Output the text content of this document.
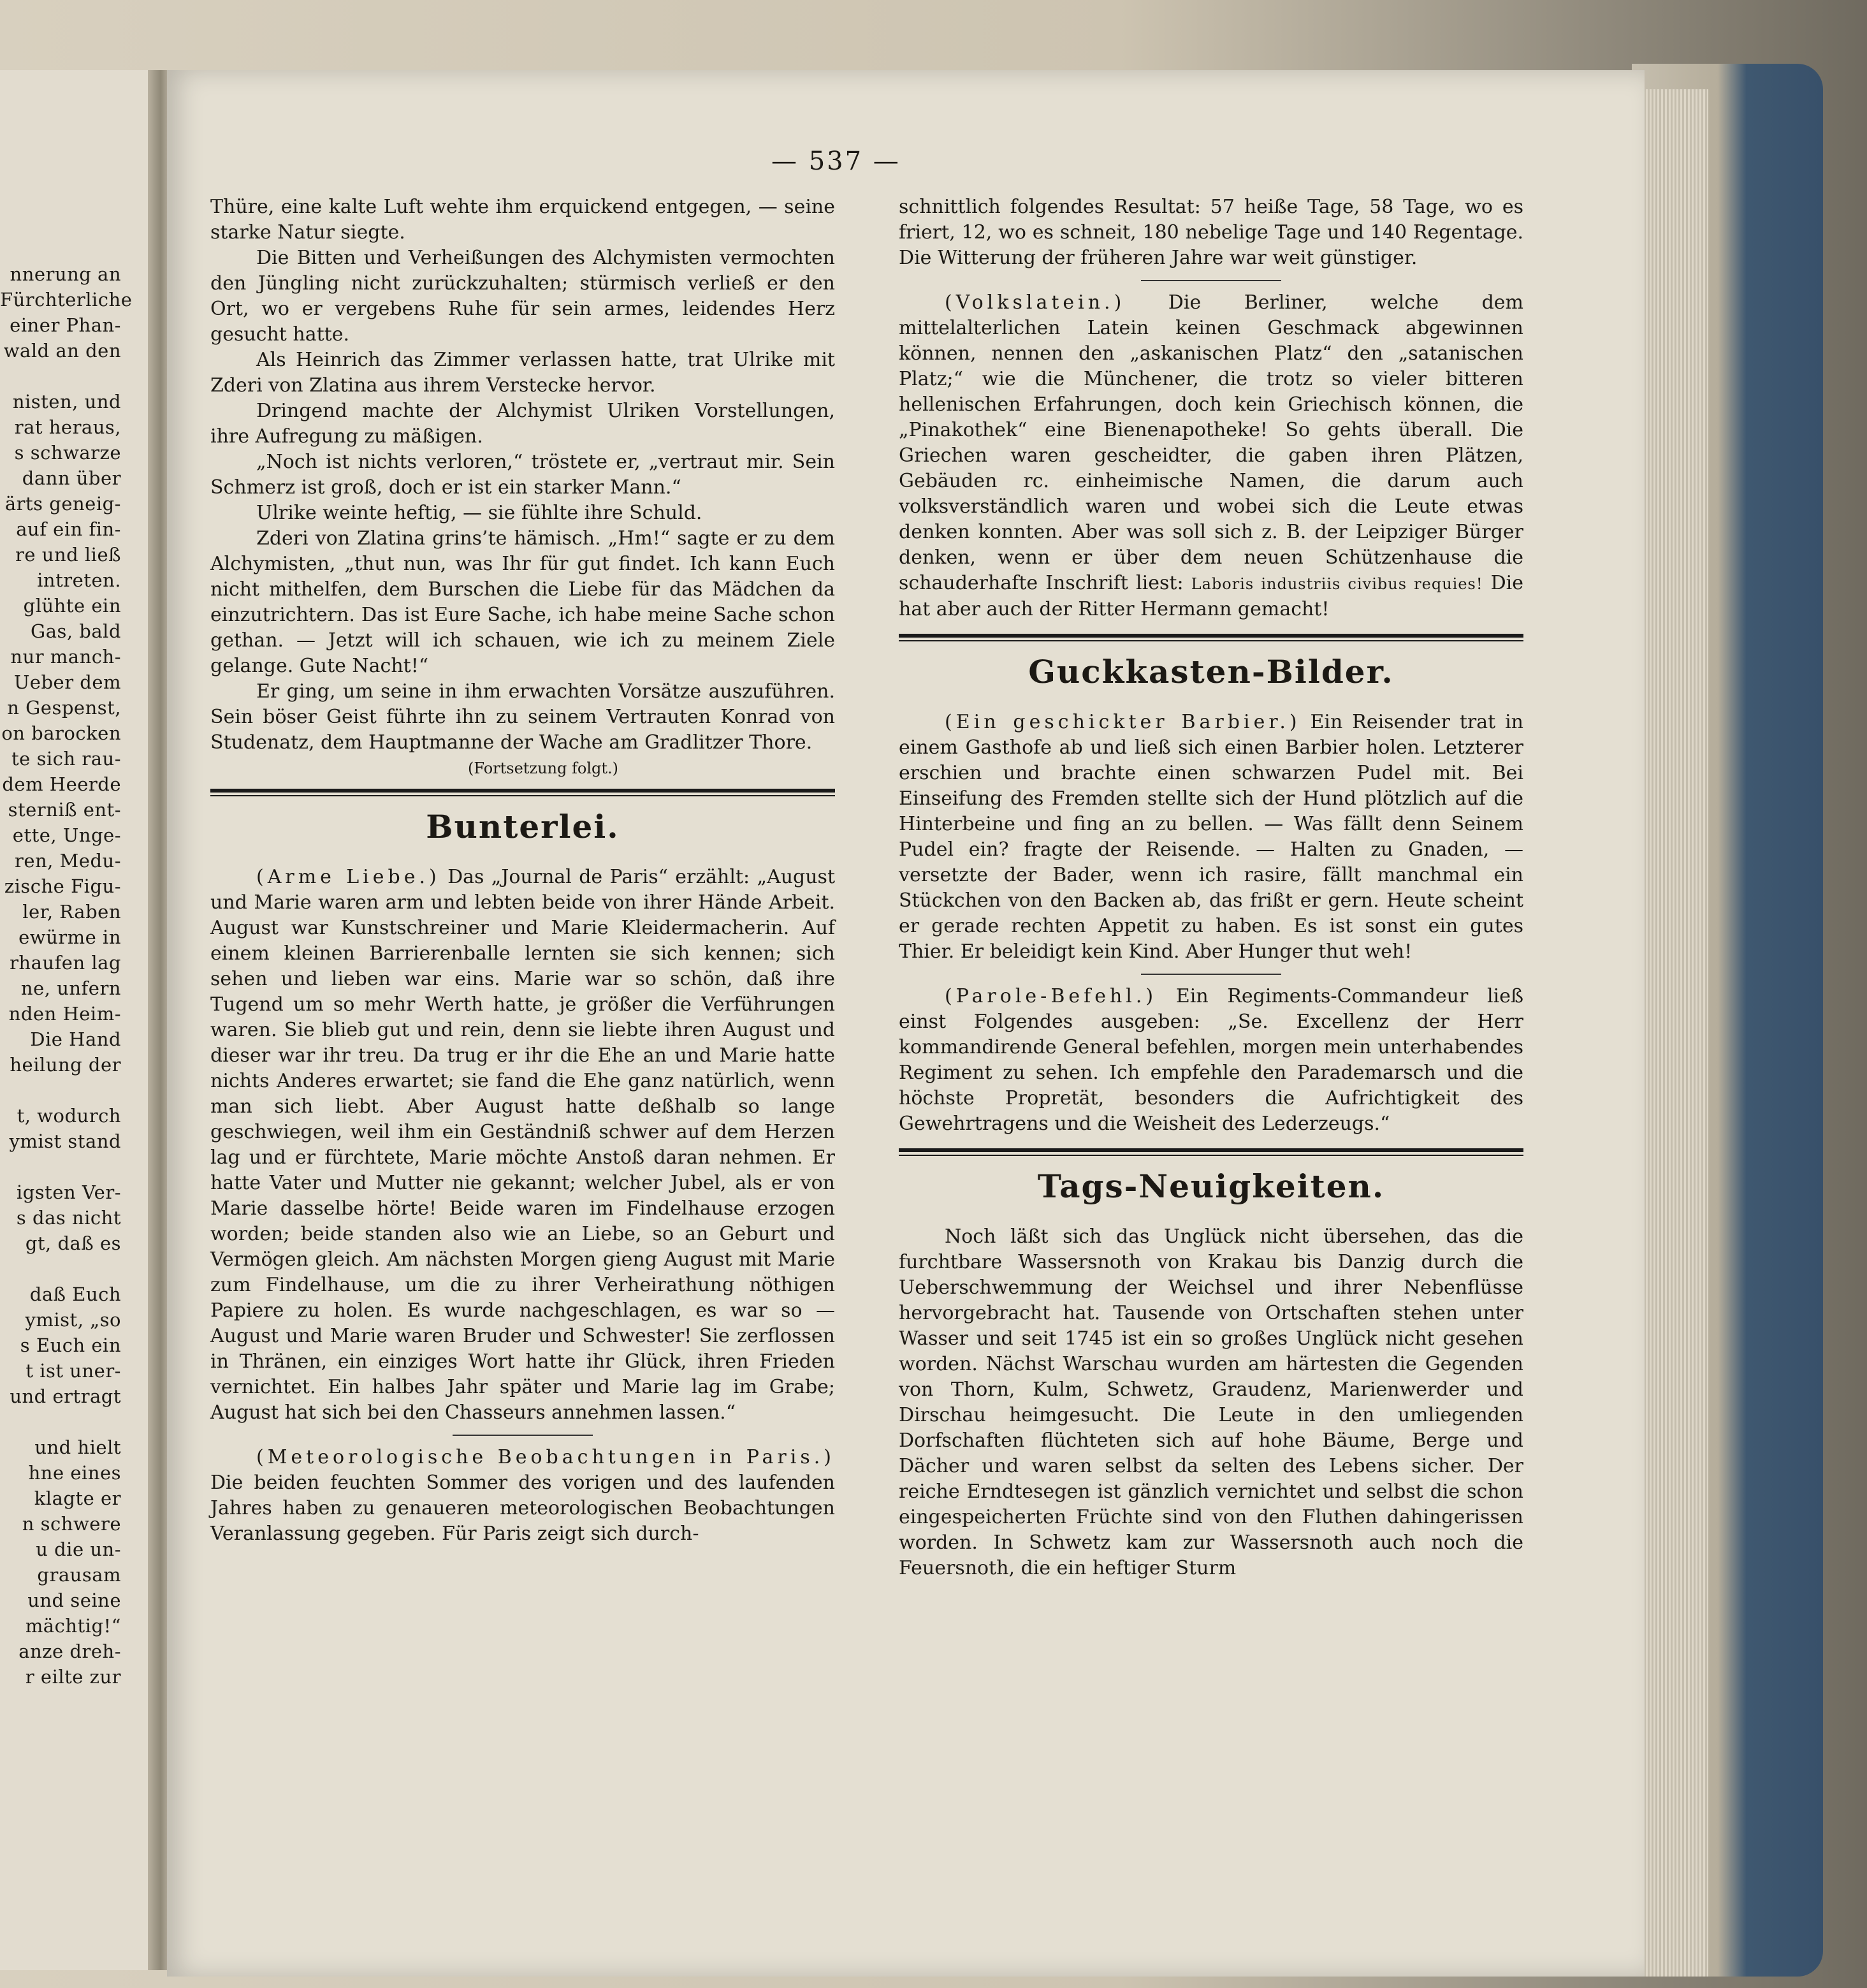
nnerung an
Fürchterliche
einer Phan-
wald an den
nisten, und
rat heraus,
s schwarze
dann über
ärts geneig-
auf ein fin-
re und ließ
intreten.
glühte ein
Gas, bald
nur manch-
Ueber dem
n Gespenst,
on barocken
te sich rau-
dem Heerde
sterniß ent-
ette, Unge-
ren, Medu-
zische Figu-
ler, Raben
ewürme in
rhaufen lag
ne, unfern
nden Heim-
Die Hand
heilung der
t, wodurch
ymist stand
igsten Ver-
s das nicht
gt, daß es
daß Euch
ymist, „so
s Euch ein
t ist uner-
und ertragt
und hielt
hne eines
klagte er
n schwere
u die un-
grausam
und seine
mächtig!“
anze dreh-
r eilte zur
— 537 —

Thüre, eine kalte Luft wehte ihm erquickend entgegen, — seine starke Natur siegte.

Die Bitten und Verheißungen des Alchymisten vermochten den Jüngling nicht zurückzuhalten; stürmisch verließ er den Ort, wo er vergebens Ruhe für sein armes, leidendes Herz gesucht hatte.

Als Heinrich das Zimmer verlassen hatte, trat Ulrike mit Zderi von Zlatina aus ihrem Verstecke hervor.

Dringend machte der Alchymist Ulriken Vorstellungen, ihre Aufregung zu mäßigen.

„Noch ist nichts verloren,“ tröstete er, „vertraut mir. Sein Schmerz ist groß, doch er ist ein starker Mann.“

Ulrike weinte heftig, — sie fühlte ihre Schuld.

Zderi von Zlatina grins’te hämisch. „Hm!“ sagte er zu dem Alchymisten, „thut nun, was Ihr für gut findet. Ich kann Euch nicht mithelfen, dem Burschen die Liebe für das Mädchen da einzutrichtern. Das ist Eure Sache, ich habe meine Sache schon gethan. — Jetzt will ich schauen, wie ich zu meinem Ziele gelange. Gute Nacht!“

Er ging, um seine in ihm erwachten Vorsätze auszuführen. Sein böser Geist führte ihn zu seinem Vertrauten Konrad von Studenatz, dem Hauptmanne der Wache am Gradlitzer Thore.

(Fortsetzung folgt.)

Bunterlei.

(Arme Liebe.) Das „Journal de Paris“ erzählt: „August und Marie waren arm und lebten beide von ihrer Hände Arbeit. August war Kunstschreiner und Marie Kleidermacherin. Auf einem kleinen Barrierenballe lernten sie sich kennen; sich sehen und lieben war eins. Marie war so schön, daß ihre Tugend um so mehr Werth hatte, je größer die Verführungen waren. Sie blieb gut und rein, denn sie liebte ihren August und dieser war ihr treu. Da trug er ihr die Ehe an und Marie hatte nichts Anderes erwartet; sie fand die Ehe ganz natürlich, wenn man sich liebt. Aber August hatte deßhalb so lange geschwiegen, weil ihm ein Geständniß schwer auf dem Herzen lag und er fürchtete, Marie möchte Anstoß daran nehmen. Er hatte Vater und Mutter nie gekannt; welcher Jubel, als er von Marie dasselbe hörte! Beide waren im Findelhause erzogen worden; beide standen also wie an Liebe, so an Geburt und Vermögen gleich. Am nächsten Morgen gieng August mit Marie zum Findelhause, um die zu ihrer Verheirathung nöthigen Papiere zu holen. Es wurde nachgeschlagen, es war so — August und Marie waren Bruder und Schwester! Sie zerflossen in Thränen, ein einziges Wort hatte ihr Glück, ihren Frieden vernichtet. Ein halbes Jahr später und Marie lag im Grabe; August hat sich bei den Chasseurs annehmen lassen.“

(Meteorologische Beobachtungen in Paris.) Die beiden feuchten Sommer des vorigen und des laufenden Jahres haben zu genaueren meteorologischen Beobachtungen Veranlassung gegeben. Für Paris zeigt sich durch-

schnittlich folgendes Resultat: 57 heiße Tage, 58 Tage, wo es friert, 12, wo es schneit, 180 nebelige Tage und 140 Regentage. Die Witterung der früheren Jahre war weit günstiger.

(Volkslatein.) Die Berliner, welche dem mittelalterlichen Latein keinen Geschmack abgewinnen können, nennen den „askanischen Platz“ den „satanischen Platz;“ wie die Münchener, die trotz so vieler bitteren hellenischen Erfahrungen, doch kein Griechisch können, die „Pinakothek“ eine Bienenapotheke! So gehts überall. Die Griechen waren gescheidter, die gaben ihren Plätzen, Gebäuden rc. einheimische Namen, die darum auch volksverständlich waren und wobei sich die Leute etwas denken konnten. Aber was soll sich z. B. der Leipziger Bürger denken, wenn er über dem neuen Schützenhause die schauderhafte Inschrift liest: Laboris industriis civibus requies! Die hat aber auch der Ritter Hermann gemacht!

Guckkasten-Bilder.

(Ein geschickter Barbier.) Ein Reisender trat in einem Gasthofe ab und ließ sich einen Barbier holen. Letzterer erschien und brachte einen schwarzen Pudel mit. Bei Einseifung des Fremden stellte sich der Hund plötzlich auf die Hinterbeine und fing an zu bellen. — Was fällt denn Seinem Pudel ein? fragte der Reisende. — Halten zu Gnaden, — versetzte der Bader, wenn ich rasire, fällt manchmal ein Stückchen von den Backen ab, das frißt er gern. Heute scheint er gerade rechten Appetit zu haben. Es ist sonst ein gutes Thier. Er beleidigt kein Kind. Aber Hunger thut weh!

(Parole-Befehl.) Ein Regiments-Commandeur ließ einst Folgendes ausgeben: „Se. Excellenz der Herr kommandirende General befehlen, morgen mein unterhabendes Regiment zu sehen. Ich empfehle den Parademarsch und die höchste Propretät, besonders die Aufrichtigkeit des Gewehrtragens und die Weisheit des Lederzeugs.“

Tags-Neuigkeiten.

Noch läßt sich das Unglück nicht übersehen, das die furchtbare Wassersnoth von Krakau bis Danzig durch die Ueberschwemmung der Weichsel und ihrer Nebenflüsse hervorgebracht hat. Tausende von Ortschaften stehen unter Wasser und seit 1745 ist ein so großes Unglück nicht gesehen worden. Nächst Warschau wurden am härtesten die Gegenden von Thorn, Kulm, Schwetz, Graudenz, Marienwerder und Dirschau heimgesucht. Die Leute in den umliegenden Dorfschaften flüchteten sich auf hohe Bäume, Berge und Dächer und waren selbst da selten des Lebens sicher. Der reiche Erndtesegen ist gänzlich vernichtet und selbst die schon eingespeicherten Früchte sind von den Fluthen dahingerissen worden. In Schwetz kam zur Wassersnoth auch noch die Feuersnoth, die ein heftiger Sturm
